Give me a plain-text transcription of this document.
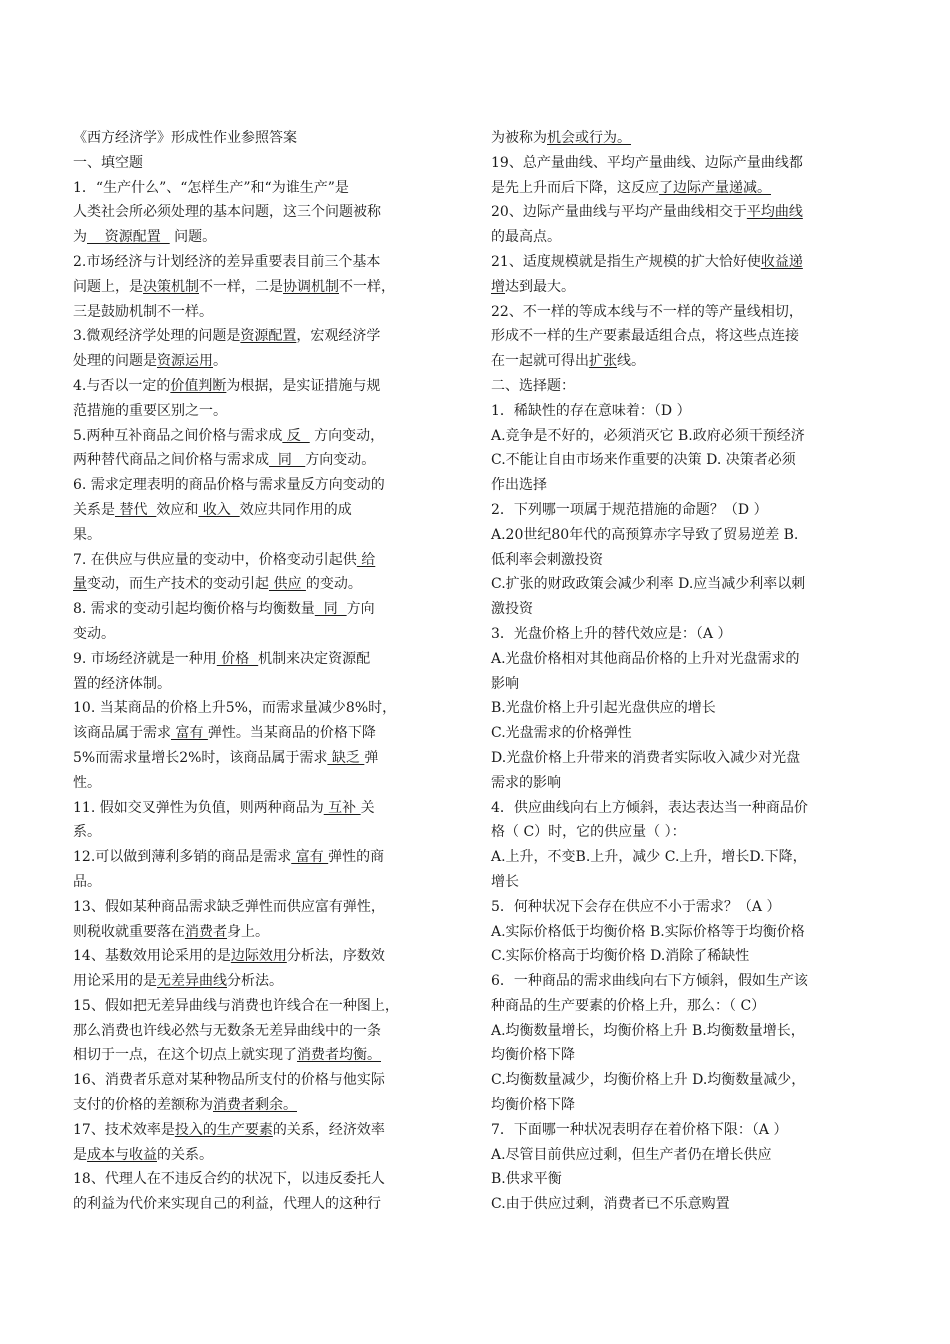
《西方经济学》形成性作业参照答案
一、填空题
1．“生产什么”、“怎样生产”和“为谁生产”是
人类社会所必须处理的基本问题，这三个问题被称
为    资源配置   问题。
2.市场经济与计划经济的差异重要表目前三个基本
问题上，是决策机制不一样，二是协调机制不一样，
三是鼓励机制不一样。
3.微观经济学处理的问题是资源配置，宏观经济学
处理的问题是资源运用。
4.与否以一定的价值判断为根据，是实证措施与规
范措施的重要区别之一。
5.两种互补商品之间价格与需求成 反   方向变动，
两种替代商品之间价格与需求成  同   方向变动。
6. 需求定理表明的商品价格与需求量反方向变动的
关系是 替代  效应和 收入  效应共同作用的成
果。
7. 在供应与供应量的变动中，价格变动引起供 给
量变动，而生产技术的变动引起 供应 的变动。
8. 需求的变动引起均衡价格与均衡数量  同  方向
变动。
9. 市场经济就是一种用 价格  机制来决定资源配
置的经济体制。
10. 当某商品的价格上升5%，而需求量减少8%时，
该商品属于需求 富有 弹性。当某商品的价格下降
5%而需求量增长2%时，该商品属于需求 缺乏 弹
性。
11. 假如交叉弹性为负值，则两种商品为 互补 关
系。
12.可以做到薄利多销的商品是需求 富有 弹性的商
品。
13、假如某种商品需求缺乏弹性而供应富有弹性，
则税收就重要落在消费者身上。
14、基数效用论采用的是边际效用分析法，序数效
用论采用的是无差异曲线分析法。
15、假如把无差异曲线与消费也许线合在一种图上，
那么消费也许线必然与无数条无差异曲线中的一条
相切于一点，在这个切点上就实现了消费者均衡。
16、消费者乐意对某种物品所支付的价格与他实际
支付的价格的差额称为消费者剩余。
17、技术效率是投入的生产要素的关系，经济效率
是成本与收益的关系。
18、代理人在不违反合约的状况下，以违反委托人
的利益为代价来实现自己的利益，代理人的这种行
为被称为机会或行为。
19、总产量曲线、平均产量曲线、边际产量曲线都
是先上升而后下降，这反应了边际产量递减。
20、边际产量曲线与平均产量曲线相交于平均曲线
的最高点。
21、适度规模就是指生产规模的扩大恰好使收益递
增达到最大。
22、不一样的等成本线与不一样的等产量线相切，
形成不一样的生产要素最适组合点，将这些点连接
在一起就可得出扩张线。
二、选择题：
1．稀缺性的存在意味着：（D ）
A.竞争是不好的，必须消灭它 B.政府必须干预经济
C.不能让自由市场来作重要的决策 D. 决策者必须
作出选择
2．下列哪一项属于规范措施的命题？（D ）
A.20世纪80年代的高预算赤字导致了贸易逆差 B.
低利率会刺激投资
C.扩张的财政政策会减少利率 D.应当减少利率以刺
激投资
3．光盘价格上升的替代效应是：（A ）
A.光盘价格相对其他商品价格的上升对光盘需求的
影响
B.光盘价格上升引起光盘供应的增长
C.光盘需求的价格弹性
D.光盘价格上升带来的消费者实际收入减少对光盘
需求的影响
4．供应曲线向右上方倾斜，表达表达当一种商品价
格（ C）时，它的供应量（ ）：
A.上升，不变B.上升，减少 C.上升，增长D.下降，
增长
5．何种状况下会存在供应不小于需求？（A ）
A.实际价格低于均衡价格 B.实际价格等于均衡价格
C.实际价格高于均衡价格 D.消除了稀缺性
6．一种商品的需求曲线向右下方倾斜，假如生产该
种商品的生产要素的价格上升，那么：（ C）
A.均衡数量增长，均衡价格上升 B.均衡数量增长，
均衡价格下降
C.均衡数量减少，均衡价格上升 D.均衡数量减少，
均衡价格下降
7．下面哪一种状况表明存在着价格下限：（A ）
A.尽管目前供应过剩，但生产者仍在增长供应
B.供求平衡
C.由于供应过剩，消费者已不乐意购置
